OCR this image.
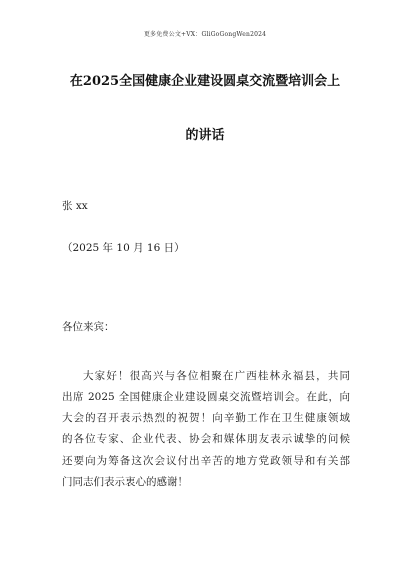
更多免费公文+VX：GliGoGongWen2024
在2025全国健康企业建设圆桌交流暨培训会上
的讲话
张 xx
（2025 年 10 月 16 日）
各位来宾：
大家好！很高兴与各位相聚在广西桂林永福县，共同
出席 2025 全国健康企业建设圆桌交流暨培训会。在此，向
大会的召开表示热烈的祝贺！向辛勤工作在卫生健康领域
的各位专家、企业代表、协会和媒体朋友表示诚挚的问候
还要向为筹备这次会议付出辛苦的地方党政领导和有关部
门同志们表示衷心的感谢！
